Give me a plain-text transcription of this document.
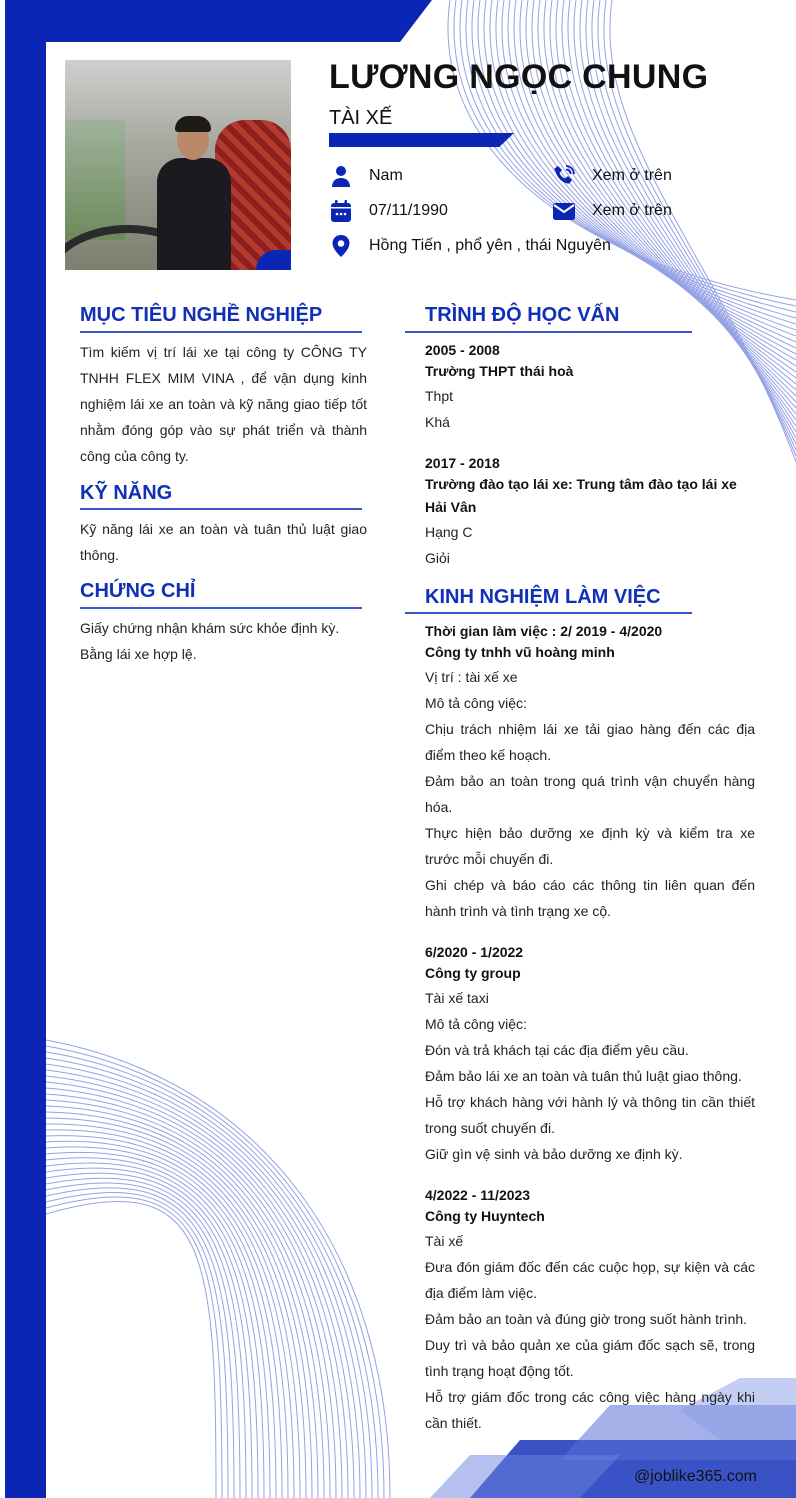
LƯƠNG NGỌC CHUNG
TÀI XẾ
Nam
07/11/1990
Hồng Tiến , phổ yên , thái Nguyên
Xem ở trên
Xem ở trên
MỤC TIÊU NGHỀ NGHIỆP
Tìm kiếm vị trí lái xe tại công ty CÔNG TY TNHH FLEX MIM VINA , để vận dụng kinh nghiệm lái xe an toàn và kỹ năng giao tiếp tốt nhằm đóng góp vào sự phát triển và thành công của công ty.
KỸ NĂNG
Kỹ năng lái xe an toàn và tuân thủ luật giao thông.
CHỨNG CHỈ
Giấy chứng nhận khám sức khỏe định kỳ.
Bằng lái xe hợp lệ.
TRÌNH ĐỘ HỌC VẤN
2005 - 2008
Trường THPT thái hoà
Thpt
Khá
2017 - 2018
Trường đào tạo lái xe: Trung tâm đào tạo lái xe Hải Vân
Hạng C
Giỏi
KINH NGHIỆM LÀM VIỆC
Thời gian làm việc : 2/ 2019 - 4/2020
Công ty tnhh vũ hoàng minh
Vị trí : tài xế xe
Mô tả công việc:
Chịu trách nhiệm lái xe tải giao hàng đến các địa điểm theo kế hoạch.
Đảm bảo an toàn trong quá trình vận chuyển hàng hóa.
Thực hiện bảo dưỡng xe định kỳ và kiểm tra xe trước mỗi chuyến đi.
Ghi chép và báo cáo các thông tin liên quan đến hành trình và tình trạng xe cộ.
6/2020 - 1/2022
Công ty group
Tài xế taxi
Mô tả công việc:
Đón và trả khách tại các địa điểm yêu cầu.
Đảm bảo lái xe an toàn và tuân thủ luật giao thông.
Hỗ trợ khách hàng với hành lý và thông tin cần thiết trong suốt chuyến đi.
Giữ gìn vệ sinh và bảo dưỡng xe định kỳ.
4/2022 - 11/2023
Công ty Huyntech
Tài xế
Đưa đón giám đốc đến các cuộc họp, sự kiện và các địa điểm làm việc.
Đảm bảo an toàn và đúng giờ trong suốt hành trình.
Duy trì và bảo quản xe của giám đốc sạch sẽ, trong tình trạng hoạt động tốt.
Hỗ trợ giám đốc trong các công việc hàng ngày khi cần thiết.
@joblike365.com
